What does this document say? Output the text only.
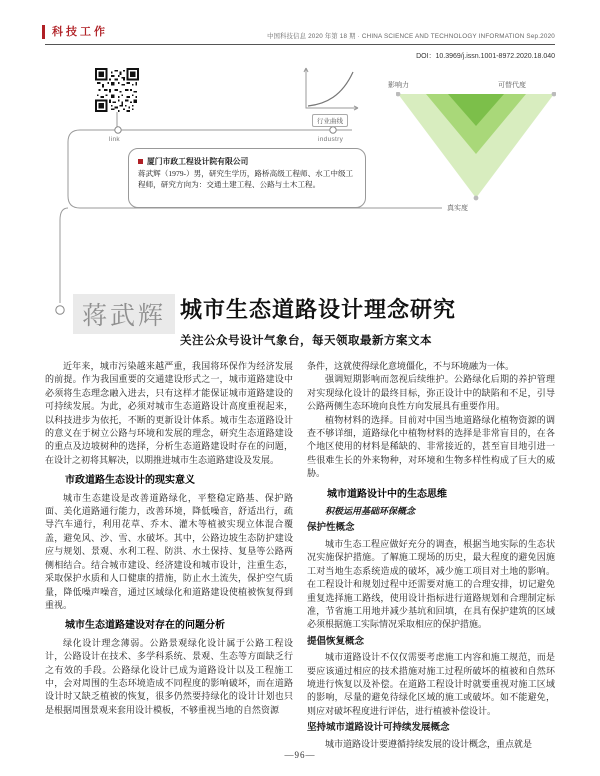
科技工作	中国科技信息 2020 年第 18 期 · CHINA SCIENCE AND TECHNOLOGY INFORMATION Sep.2020
DOI：10.3969/j.issn.1001-8972.2020.18.040
行业曲线
link	industry
影响力	可替代度
真实度
厦门市政工程设计院有限公司
蒋武辉（1979-）男，研究生学历，路桥高级工程师、水工中级工程师，研究方向为：交通土建工程、公路与土木工程。
蒋武辉 城市生态道路设计理念研究
关注公众号设计气象台，每天领取最新方案文本

近年来，城市污染越来越严重，我国将环保作为经济发展的前提。作为我国重要的交通建设形式之一，城市道路建设中必须将生态理念融入进去，只有这样才能保证城市道路建设的可持续发展。为此，必须对城市生态道路设计高度重视起来，以科技进步为依托，不断的更新设计体系。城市生态道路设计的意义在于树立公路与环境和发展的理念，研究生态道路建设的重点及边坡树种的选择，分析生态道路建设时存在的问题，在设计之初将其解决，以期推进城市生态道路建设及发展。

市政道路生态设计的现实意义

城市生态建设是改善道路绿化，平整稳定路基、保护路面、美化道路通行能力，改善环境，降低噪音，舒适出行，疏导汽车通行，利用花草、乔木、灌木等植被实现立体混合覆盖，避免风、沙、雪、水破坏。其中，公路边坡生态防护建设应与规划、景观、水利工程、防洪、水土保持、复垦等公路两侧相结合。结合城市建设、经济建设和城市设计，注重生态，采取保护水质和人口健康的措施，防止水土流失，保护空气质量，降低噪声噪音，通过区域绿化和道路建设使植被恢复得到重视。

城市生态道路建设对存在的问题分析

绿化设计理念薄弱。公路景观绿化设计属于公路工程设计，公路设计在技术、多学科系统、景观、生态等方面缺乏行之有效的手段。公路绿化设计已成为道路设计以及工程施工中，会对周围的生态环境造成不同程度的影响破坏，而在道路设计时又缺乏植被的恢复，很多仍然要持绿化的设计计划也只是根据周围景观来套用设计模板，不够重视当地的自然资源

条件，这就使得绿化意境僵化，不与环境融为一体。

强调短期影响而忽视后续维护。公路绿化后期的养护管理对实现绿化设计的最终目标，弥正设计中的缺陷和不足，引导公路两侧生态环境向良性方向发展具有重要作用。

植物材料的选择。目前对中国当地道路绿化植物资源的调查不够详细，道路绿化中植物材料的选择是非常盲目的，在各个地区使用的材料是稀缺的、非常接近的，甚至盲目地引进一些很难生长的外来物种，对环境和生物多样性构成了巨大的威胁。

城市道路设计中的生态思维
积极运用基础环保概念
保护性概念

城市生态工程应做好充分的调查，根据当地实际的生态状况实施保护措施。了解施工现场的历史，最大程度的避免因施工对当地生态系统造成的破坏，减少施工项目对土地的影响。在工程设计和规划过程中还需要对施工的合理安排，切记避免重复选择施工路线，使用设计指标进行道路规划和合理制定标准，节省施工用地并减少基坑和回填，在具有保护建筑的区域必须根据施工实际情况采取相应的保护措施。

提倡恢复概念

城市道路设计不仅仅需要考虑施工内容和施工规范，而是要应该通过相应的技术措施对施工过程所破坏的植被和自然环境进行恢复以及补偿。在道路工程设计时就要重视对施工区域的影响，尽量的避免待绿化区域的施工或破坏。如不能避免，则应对破坏程度进行评估，进行植被补偿设计。

坚持城市道路设计可持续发展概念

城市道路设计要遵循持续发展的设计概念，重点就是

—96—
